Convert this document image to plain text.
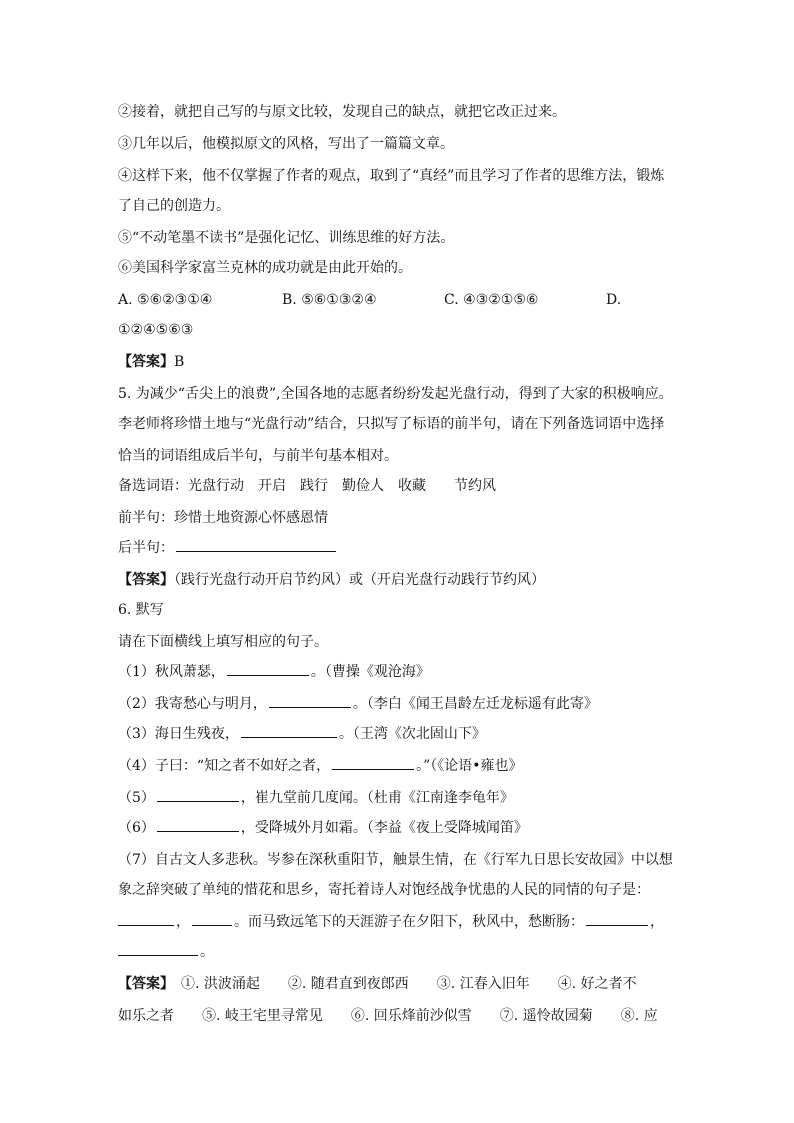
②接着，就把自己写的与原文比较，发现自己的缺点，就把它改正过来。
③几年以后，他模拟原文的风格，写出了一篇篇文章。
④这样下来，他不仅掌握了作者的观点，取到了“真经”而且学习了作者的思维方法，锻炼
了自己的创造力。
⑤“不动笔墨不读书”是强化记忆、训练思维的好方法。
⑥美国科学家富兰克林的成功就是由此开始的。
A. ⑤⑥②③①④	B. ⑤⑥①③②④	C. ④③②①⑤⑥	D.
①②④⑤⑥③
【答案】B
5. 为减少“舌尖上的浪费”,全国各地的志愿者纷纷发起光盘行动，得到了大家的积极响应。
李老师将珍惜土地与“光盘行动”结合，只拟写了标语的前半句，请在下列备选词语中选择
恰当的词语组成后半句，与前半句基本相对。
备选词语：光盘行动　开启　践行　勤俭人　收藏　　节约风
前半句：珍惜土地资源心怀感恩情
后半句：
【答案】（践行光盘行动开启节约风）或（开启光盘行动践行节约风）
6. 默写
请在下面横线上填写相应的句子。
（1）秋风萧瑟，	。（曹操《观沧海》
（2）我寄愁心与明月，	。（李白《闻王昌龄左迁龙标遥有此寄》
（3）海日生残夜，	。（王湾《次北固山下》
（4）子曰：“知之者不如好之者，	。”（《论语•雍也》
（5）	，崔九堂前几度闻。（杜甫《江南逢李龟年》
（6）	，受降城外月如霜。（李益《夜上受降城闻笛》
（7）自古文人多悲秋。岑参在深秋重阳节，触景生情，在《行军九日思长安故园》中以想
象之辞突破了单纯的惜花和思乡，寄托着诗人对饱经战争忧患的人民的同情的句子是：
，	。而马致远笔下的天涯游子在夕阳下，秋风中，愁断肠：	，
。
【答案】　①. 洪波涌起　　②. 随君直到夜郎西　　③. 江春入旧年　　④. 好之者不
如乐之者　　⑤. 岐王宅里寻常见　　⑥. 回乐烽前沙似雪　　⑦. 遥怜故园菊　　⑧. 应
